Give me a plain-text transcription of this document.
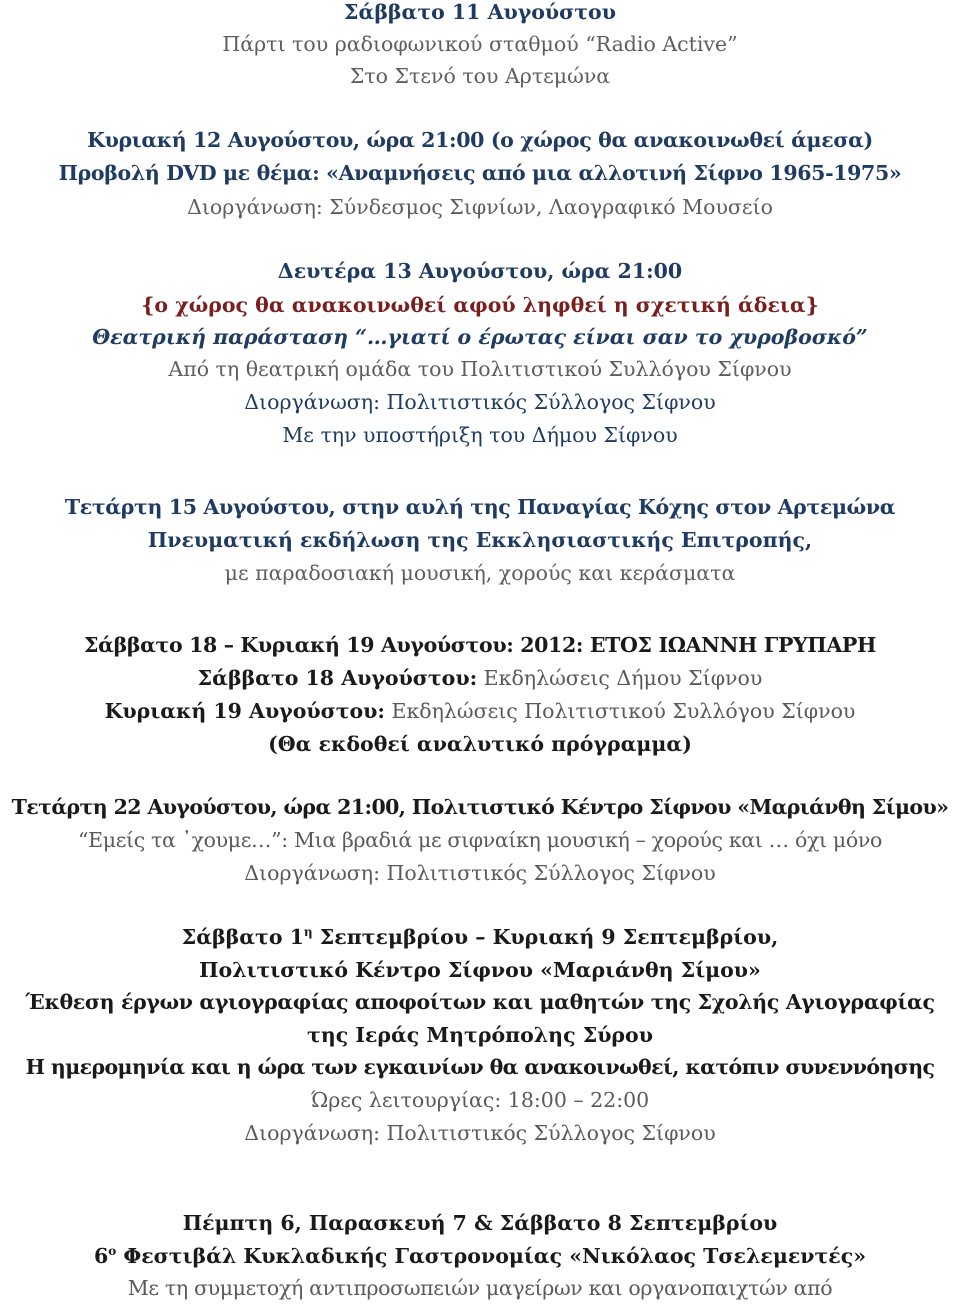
Σάββατο 11 Αυγούστου
Πάρτι του ραδιοφωνικού σταθμού “Radio Active”
Στο Στενό του Αρτεμώνα
Κυριακή 12 Αυγούστου, ώρα 21:00 (ο χώρος θα ανακοινωθεί άμεσα)
Προβολή DVD με θέμα: «Αναμνήσεις από μια αλλοτινή Σίφνο 1965-1975»
Διοργάνωση: Σύνδεσμος Σιφνίων, Λαογραφικό Μουσείο
Δευτέρα 13 Αυγούστου, ώρα 21:00
{ο χώρος θα ανακοινωθεί αφού ληφθεί η σχετική άδεια}
Θεατρική παράσταση “…γιατί ο έρωτας είναι σαν το χυροβοσκό”
Από τη θεατρική ομάδα του Πολιτιστικού Συλλόγου Σίφνου
Διοργάνωση: Πολιτιστικός Σύλλογος Σίφνου
Με την υποστήριξη του Δήμου Σίφνου
Τετάρτη 15 Αυγούστου, στην αυλή της Παναγίας Κόχης στον Αρτεμώνα
Πνευματική εκδήλωση της Εκκλησιαστικής Επιτροπής,
με παραδοσιακή μουσική, χορούς και κεράσματα
Σάββατο 18 – Κυριακή 19 Αυγούστου: 2012: ΕΤΟΣ ΙΩΑΝΝΗ ΓΡΥΠΑΡΗ
Σάββατο 18 Αυγούστου: Εκδηλώσεις Δήμου Σίφνου
Κυριακή 19 Αυγούστου: Εκδηλώσεις Πολιτιστικού Συλλόγου Σίφνου
(Θα εκδοθεί αναλυτικό πρόγραμμα)
Τετάρτη 22 Αυγούστου, ώρα 21:00, Πολιτιστικό Κέντρο Σίφνου «Μαριάνθη Σίμου»
“Εμείς τα ᾽χουμε…”: Μια βραδιά με σιφναίκη μουσική – χορούς και … όχι μόνο
Διοργάνωση: Πολιτιστικός Σύλλογος Σίφνου
Σάββατο $1^\eta$ Σεπτεμβρίου – Κυριακή 9 Σεπτεμβρίου,
Πολιτιστικό Κέντρο Σίφνου «Μαριάνθη Σίμου»
Έκθεση έργων αγιογραφίας αποφοίτων και μαθητών της Σχολής Αγιογραφίας
της Ιεράς Μητρόπολης Σύρου
Η ημερομηνία και η ώρα των εγκαινίων θα ανακοινωθεί, κατόπιν συνεννόησης
Ώρες λειτουργίας: 18:00 – 22:00
Διοργάνωση: Πολιτιστικός Σύλλογος Σίφνου
Πέμπτη 6, Παρασκευή 7 & Σάββατο 8 Σεπτεμβρίου
$6^o$ Φεστιβάλ Κυκλαδικής Γαστρονομίας «Νικόλαος Τσελεμεντές»
Με τη συμμετοχή αντιπροσωπειών μαγείρων και οργανοπαιχτών από
